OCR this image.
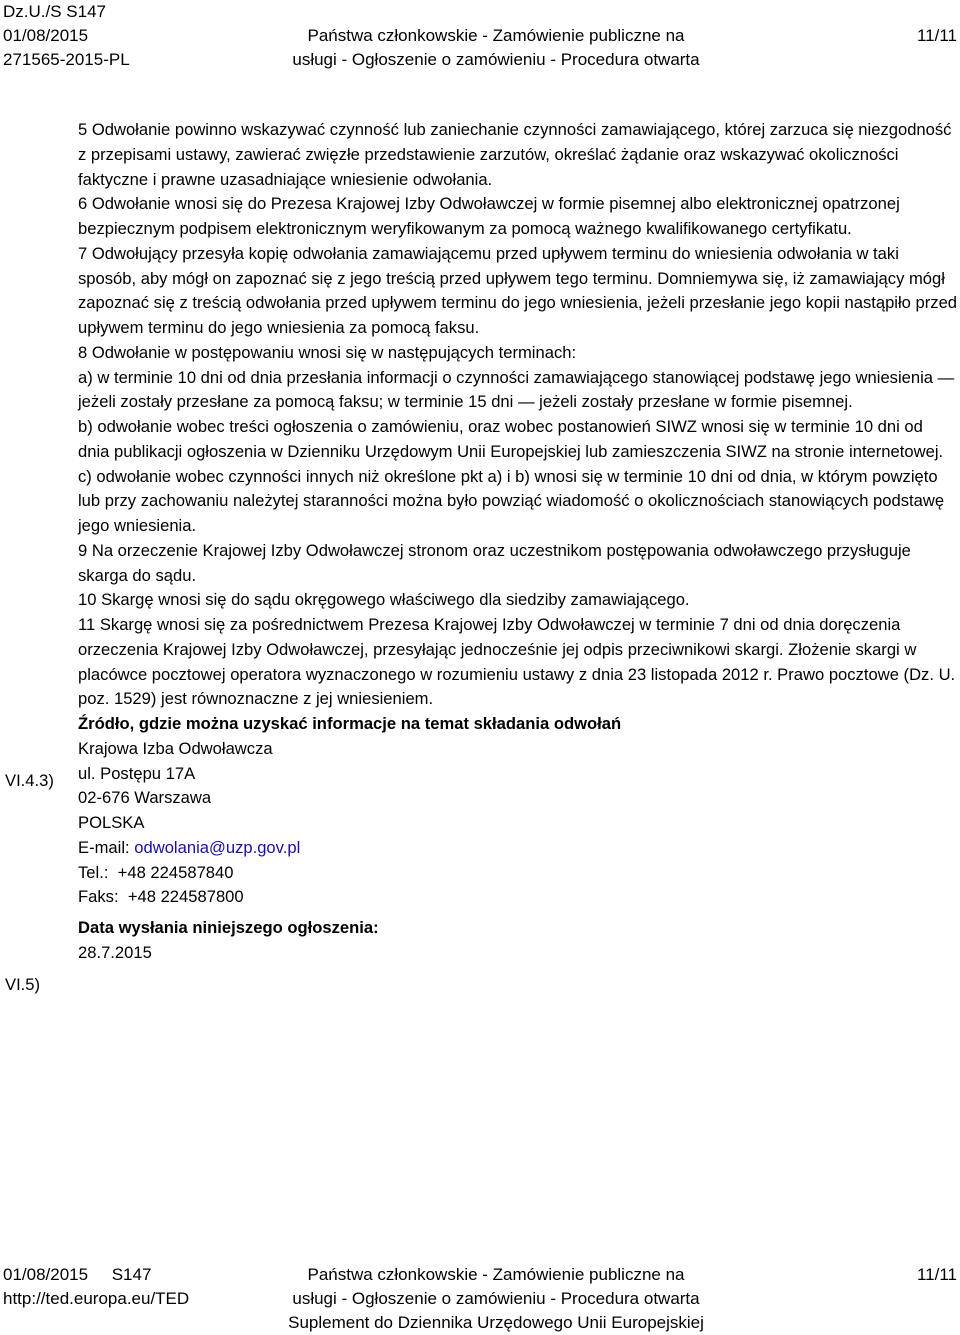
Dz.U./S S147
01/08/2015
271565-2015-PL
Państwa członkowskie - Zamówienie publiczne na
usługi - Ogłoszenie o zamówieniu - Procedura otwarta
11/11

5 Odwołanie powinno wskazywać czynność lub zaniechanie czynności zamawiającego, której zarzuca się niezgodność z przepisami ustawy, zawierać zwięzłe przedstawienie zarzutów, określać żądanie oraz wskazywać okoliczności faktyczne i prawne uzasadniające wniesienie odwołania.

6 Odwołanie wnosi się do Prezesa Krajowej Izby Odwoławczej w formie pisemnej albo elektronicznej opatrzonej bezpiecznym podpisem elektronicznym weryfikowanym za pomocą ważnego kwalifikowanego certyfikatu.

7 Odwołujący przesyła kopię odwołania zamawiającemu przed upływem terminu do wniesienia odwołania w taki sposób, aby mógł on zapoznać się z jego treścią przed upływem tego terminu. Domniemywa się, iż zamawiający mógł zapoznać się z treścią odwołania przed upływem terminu do jego wniesienia, jeżeli przesłanie jego kopii nastąpiło przed upływem terminu do jego wniesienia za pomocą faksu.

8 Odwołanie w postępowaniu wnosi się w następujących terminach:

a) w terminie 10 dni od dnia przesłania informacji o czynności zamawiającego stanowiącej podstawę jego wniesienia — jeżeli zostały przesłane za pomocą faksu; w terminie 15 dni — jeżeli zostały przesłane w formie pisemnej.

b) odwołanie wobec treści ogłoszenia o zamówieniu, oraz wobec postanowień SIWZ wnosi się w terminie 10 dni od dnia publikacji ogłoszenia w Dzienniku Urzędowym Unii Europejskiej lub zamieszczenia SIWZ na stronie internetowej.

c) odwołanie wobec czynności innych niż określone pkt a) i b) wnosi się w terminie 10 dni od dnia, w którym powzięto lub przy zachowaniu należytej staranności można było powziąć wiadomość o okolicznościach stanowiących podstawę jego wniesienia.

9 Na orzeczenie Krajowej Izby Odwoławczej stronom oraz uczestnikom postępowania odwoławczego przysługuje skarga do sądu.

10 Skargę wnosi się do sądu okręgowego właściwego dla siedziby zamawiającego.

11 Skargę wnosi się za pośrednictwem Prezesa Krajowej Izby Odwoławczej w terminie 7 dni od dnia doręczenia orzeczenia Krajowej Izby Odwoławczej, przesyłając jednocześnie jej odpis przeciwnikowi skargi. Złożenie skargi w placówce pocztowej operatora wyznaczonego w rozumieniu ustawy z dnia 23 listopada 2012 r. Prawo pocztowe (Dz. U. poz. 1529) jest równoznaczne z jej wniesieniem.

Źródło, gdzie można uzyskać informacje na temat składania odwołań

Krajowa Izba Odwoławcza

ul. Postępu 17A

02-676 Warszawa

POLSKA

E-mail: odwolania@uzp.gov.pl

Tel.: +48 224587840

Faks: +48 224587800

Data wysłania niniejszego ogłoszenia:

28.7.2015

VI.4.3)
VI.5)
01/08/2015 S147
http://ted.europa.eu/TED
Państwa członkowskie - Zamówienie publiczne na
usługi - Ogłoszenie o zamówieniu - Procedura otwarta
Suplement do Dziennika Urzędowego Unii Europejskiej
11/11
